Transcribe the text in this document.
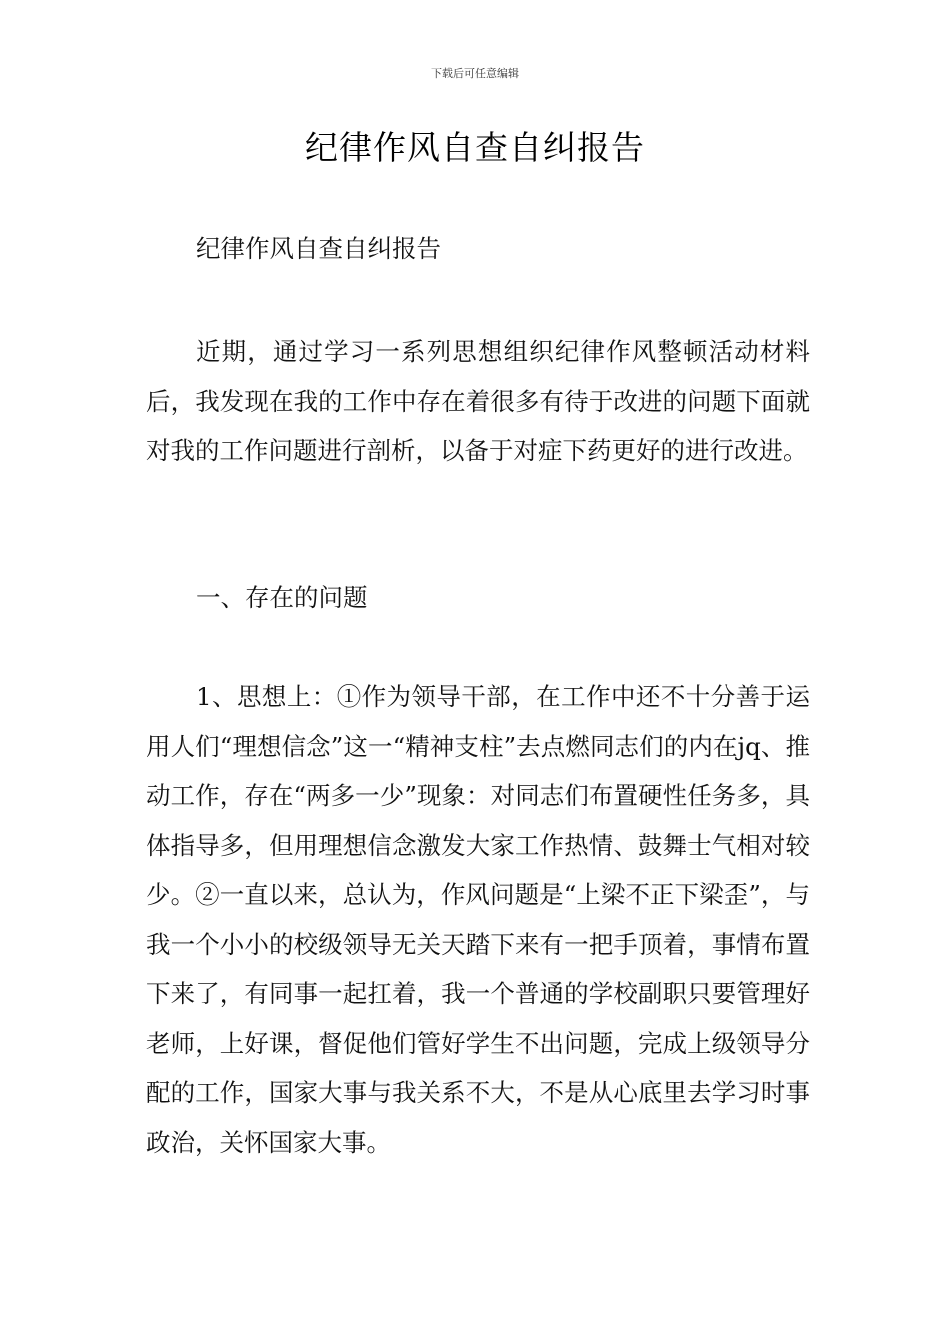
下载后可任意编辑
纪律作风自查自纠报告

纪律作风自查自纠报告

近期，通过学习一系列思想组织纪律作风整顿活动材料后，我发现在我的工作中存在着很多有待于改进的问题下面就对我的工作问题进行剖析，以备于对症下药更好的进行改进。

一、存在的问题

1、思想上：①作为领导干部，在工作中还不十分善于运用人们“理想信念”这一“精神支柱”去点燃同志们的内在jq、推动工作，存在“两多一少”现象：对同志们布置硬性任务多，具体指导多，但用理想信念激发大家工作热情、鼓舞士气相对较少。②一直以来，总认为，作风问题是“上梁不正下梁歪”，与我一个小小的校级领导无关天踏下来有一把手顶着，事情布置下来了，有同事一起扛着，我一个普通的学校副职只要管理好老师，上好课，督促他们管好学生不出问题，完成上级领导分配的工作，国家大事与我关系不大，不是从心底里去学习时事政治，关怀国家大事。
